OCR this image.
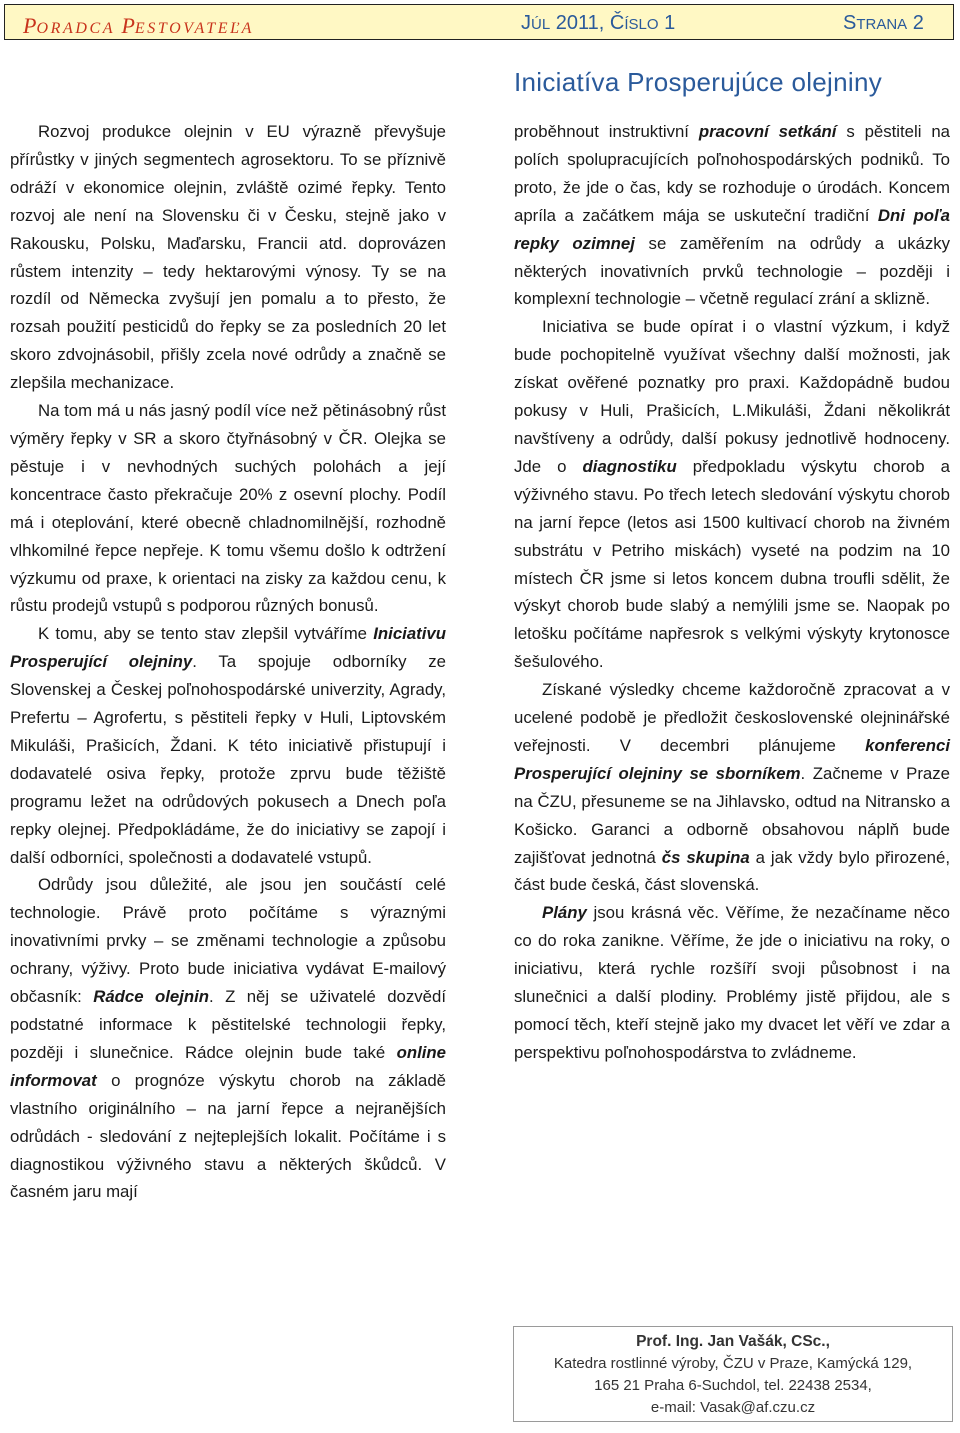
PORADCA PESTOVATEĽA	JÚL 2011, ČÍSLO 1	STRANA 2
Iniciatíva Prosperujúce olejniny

Rozvoj produkce olejnin v EU výrazně převyšuje přírůstky v jiných segmentech agrosektoru. To se příznivě odráží v ekonomice olejnin, zvláště ozimé řepky. Tento rozvoj ale není na Slovensku či v Česku, stejně jako v Rakousku, Polsku, Maďarsku, Francii atd. doprovázen růstem intenzity – tedy hektarovými výnosy. Ty se na rozdíl od Německa zvyšují jen pomalu a to přesto, že rozsah použití pesticidů do řepky se za posledních 20 let skoro zdvojnásobil, přišly zcela nové odrůdy a značně se zlepšila mechanizace.

Na tom má u nás jasný podíl více než pětinásobný růst výměry řepky v SR a skoro čtyřnásobný v ČR. Olejka se pěstuje i v nevhodných suchých polohách a její koncentrace často překračuje 20% z osevní plochy. Podíl má i oteplování, které obecně chladnomilnější, rozhodně vlhkomilné řepce nepřeje. K tomu všemu došlo k odtržení výzkumu od praxe, k orientaci na zisky za každou cenu, k růstu prodejů vstupů s podporou různých bonusů.

K tomu, aby se tento stav zlepšil vytváříme Iniciativu Prosperující olejniny. Ta spojuje odborníky ze Slovenskej a Českej poľnohospodárské univerzity, Agrady, Prefertu – Agrofertu, s pěstiteli řepky v Huli, Liptovském Mikuláši, Prašicích, Ždani. K této iniciativě přistupují i dodavatelé osiva řepky, protože zprvu bude těžiště programu ležet na odrůdových pokusech a Dnech poľa repky olejnej. Předpokládáme, že do iniciativy se zapojí i další odborníci, společnosti a dodavatelé vstupů.

Odrůdy jsou důležité, ale jsou jen součástí celé technologie. Právě proto počítáme s výraznými inovativními prvky – se změnami technologie a způsobu ochrany, výživy. Proto bude iniciativa vydávat E-mailový občasník: Rádce olejnin. Z něj se uživatelé dozvědí podstatné informace k pěstitelské technologii řepky, později i slunečnice. Rádce olejnin bude také online informovat o prognóze výskytu chorob na základě vlastního originálního – na jarní řepce a nejranějších odrůdách - sledování z nejteplejších lokalit. Počítáme i s diagnostikou výživného stavu a některých škůdců. V časném jaru mají

proběhnout instruktivní pracovní setkání s pěstiteli na polích spolupracujících poľnohospodárských podniků. To proto, že jde o čas, kdy se rozhoduje o úrodách. Koncem apríla a začátkem mája se uskuteční tradiční Dni poľa repky ozimnej se zaměřením na odrůdy a ukázky některých inovativních prvků technologie – později i komplexní technologie – včetně regulací zrání a sklizně.

Iniciativa se bude opírat i o vlastní výzkum, i když bude pochopitelně využívat všechny další možnosti, jak získat ověřené poznatky pro praxi. Každopádně budou pokusy v Huli, Prašicích, L.Mikuláši, Ždani několikrát navštíveny a odrůdy, další pokusy jednotlivě hodnoceny. Jde o diagnostiku předpokladu výskytu chorob a výživného stavu. Po třech letech sledování výskytu chorob na jarní řepce (letos asi 1500 kultivací chorob na živném substrátu v Petriho miskách) vyseté na podzim na 10 místech ČR jsme si letos koncem dubna troufli sdělit, že výskyt chorob bude slabý a nemýlili jsme se. Naopak po letošku počítáme napřesrok s velkými výskyty krytonosce šešulového.

Získané výsledky chceme každoročně zpracovat a v ucelené podobě je předložit československé olejninářské veřejnosti. V decembri plánujeme konferenci Prosperující olejniny se sborníkem. Začneme v Praze na ČZU, přesuneme se na Jihlavsko, odtud na Nitransko a Košicko. Garanci a odborně obsahovou náplň bude zajišťovat jednotná čs skupina a jak vždy bylo přirozené, část bude česká, část slovenská.

Plány jsou krásná věc. Věříme, že nezačíname něco co do roka zanikne. Věříme, že jde o iniciativu na roky, o iniciativu, která rychle rozšíří svoji působnost i na slunečnici a další plodiny. Problémy jistě přijdou, ale s pomocí těch, kteří stejně jako my dvacet let věří ve zdar a perspektivu poľnohospodárstva to zvládneme.

Prof. Ing. Jan Vašák, CSc.,
Katedra rostlinné výroby, ČZU v Praze, Kamýcká 129,
165 21 Praha 6-Suchdol, tel. 22438 2534,
e-mail: Vasak@af.czu.cz
